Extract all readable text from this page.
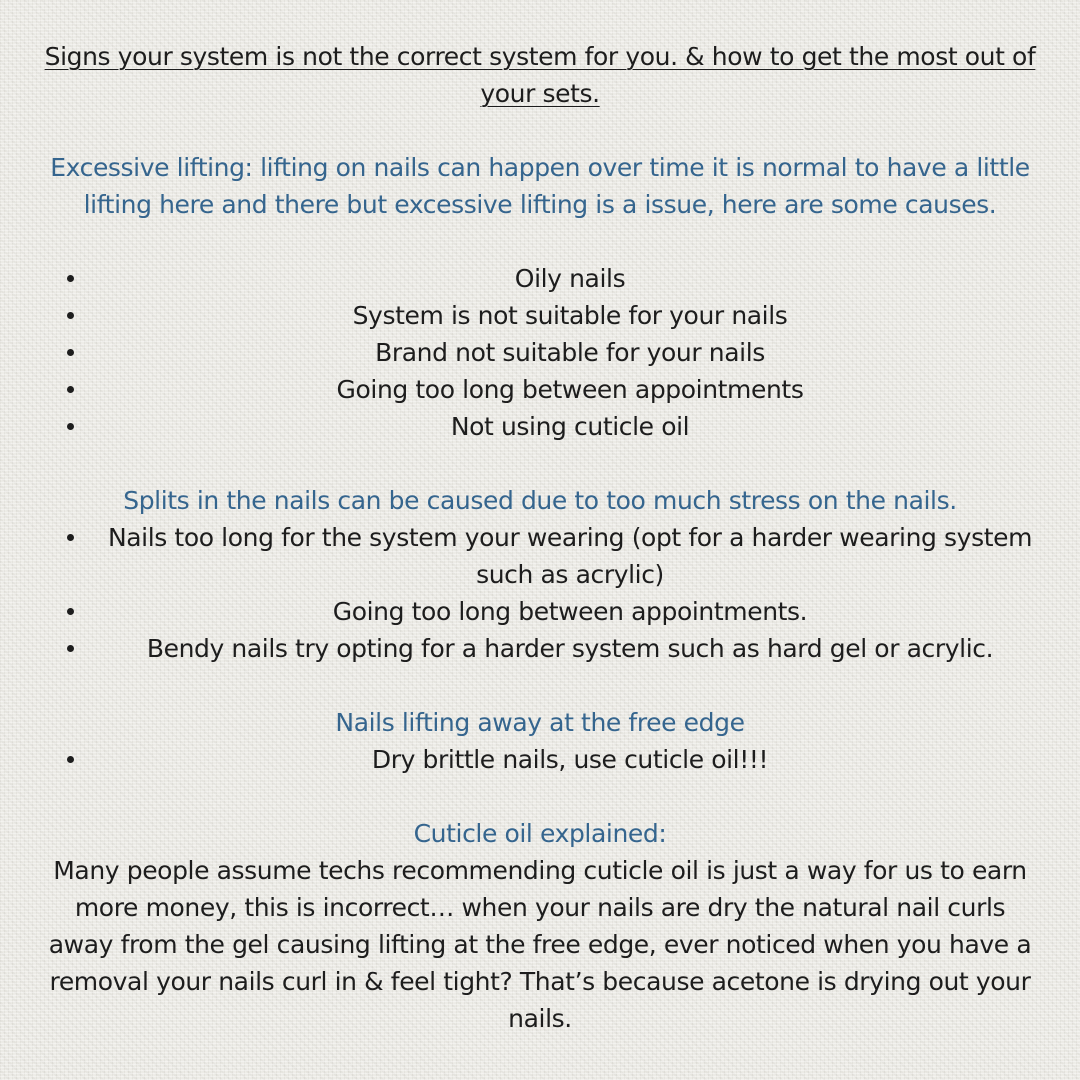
Signs your system is not the correct system for you. & how to get the most out of your sets.

Excessive lifting: lifting on nails can happen over time it is normal to have a little lifting here and there but excessive lifting is a issue, here are some causes.

Oily nails
System is not suitable for your nails
Brand not suitable for your nails
Going too long between appointments
Not using cuticle oil

Splits in the nails can be caused due to too much stress on the nails.

Nails too long for the system your wearing (opt for a harder wearing system such as acrylic)
Going too long between appointments.
Bendy nails try opting for a harder system such as hard gel or acrylic.

Nails lifting away at the free edge

Dry brittle nails, use cuticle oil!!!

Cuticle oil explained:

Many people assume techs recommending cuticle oil is just a way for us to earn more money, this is incorrect… when your nails are dry the natural nail curls away from the gel causing lifting at the free edge, ever noticed when you have a removal your nails curl in & feel tight? That’s because acetone is drying out your nails.
